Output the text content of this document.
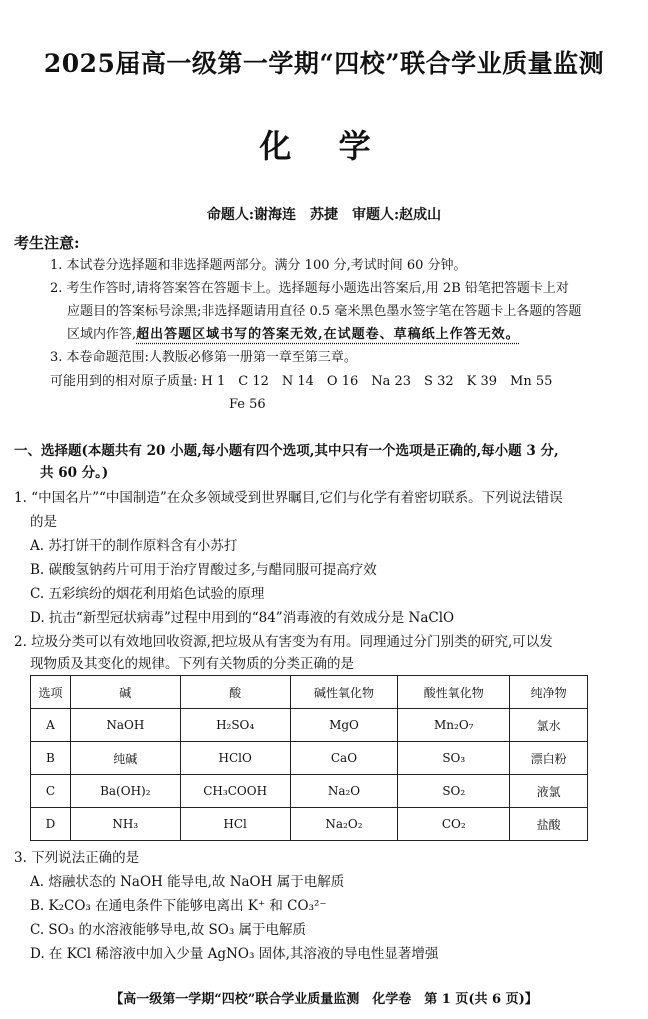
2025届高一级第一学期“四校”联合学业质量监测
化 学
命题人:谢海连　苏捷　审题人:赵成山
考生注意:
1. 本试卷分选择题和非选择题两部分。满分 100 分,考试时间 60 分钟。
2. 考生作答时,请将答案答在答题卡上。选择题每小题选出答案后,用 2B 铅笔把答题卡上对
应题目的答案标号涂黑;非选择题请用直径 0.5 毫米黑色墨水签字笔在答题卡上各题的答题
区域内作答,超出答题区域书写的答案无效,在试题卷、草稿纸上作答无效。
3. 本卷命题范围:人教版必修第一册第一章至第三章。
可能用到的相对原子质量: H 1　C 12　N 14　O 16　Na 23　S 32　K 39　Mn 55
Fe 56
一、选择题(本题共有 20 小题,每小题有四个选项,其中只有一个选项是正确的,每小题 3 分,
共 60 分。)
1. “中国名片”“中国制造”在众多领域受到世界瞩目,它们与化学有着密切联系。下列说法错误
的是
A. 苏打饼干的制作原料含有小苏打
B. 碳酸氢钠药片可用于治疗胃酸过多,与醋同服可提高疗效
C. 五彩缤纷的烟花利用焰色试验的原理
D. 抗击“新型冠状病毒”过程中用到的“84”消毒液的有效成分是 NaClO
2. 垃圾分类可以有效地回收资源,把垃圾从有害变为有用。同理通过分门别类的研究,可以发
现物质及其变化的规律。下列有关物质的分类正确的是
选项	碱	酸	碱性氧化物	酸性氧化物	纯净物
A	NaOH	H₂SO₄	MgO	Mn₂O₇	氯水
B	纯碱	HClO	CaO	SO₃	漂白粉
C	Ba(OH)₂	CH₃COOH	Na₂O	SO₂	液氯
D	NH₃	HCl	Na₂O₂	CO₂	盐酸
3. 下列说法正确的是
A. 熔融状态的 NaOH 能导电,故 NaOH 属于电解质
B. K₂CO₃ 在通电条件下能够电离出 K⁺ 和 CO₃²⁻
C. SO₃ 的水溶液能够导电,故 SO₃ 属于电解质
D. 在 KCl 稀溶液中加入少量 AgNO₃ 固体,其溶液的导电性显著增强
【高一级第一学期“四校”联合学业质量监测　化学卷　第 1 页(共 6 页)】
